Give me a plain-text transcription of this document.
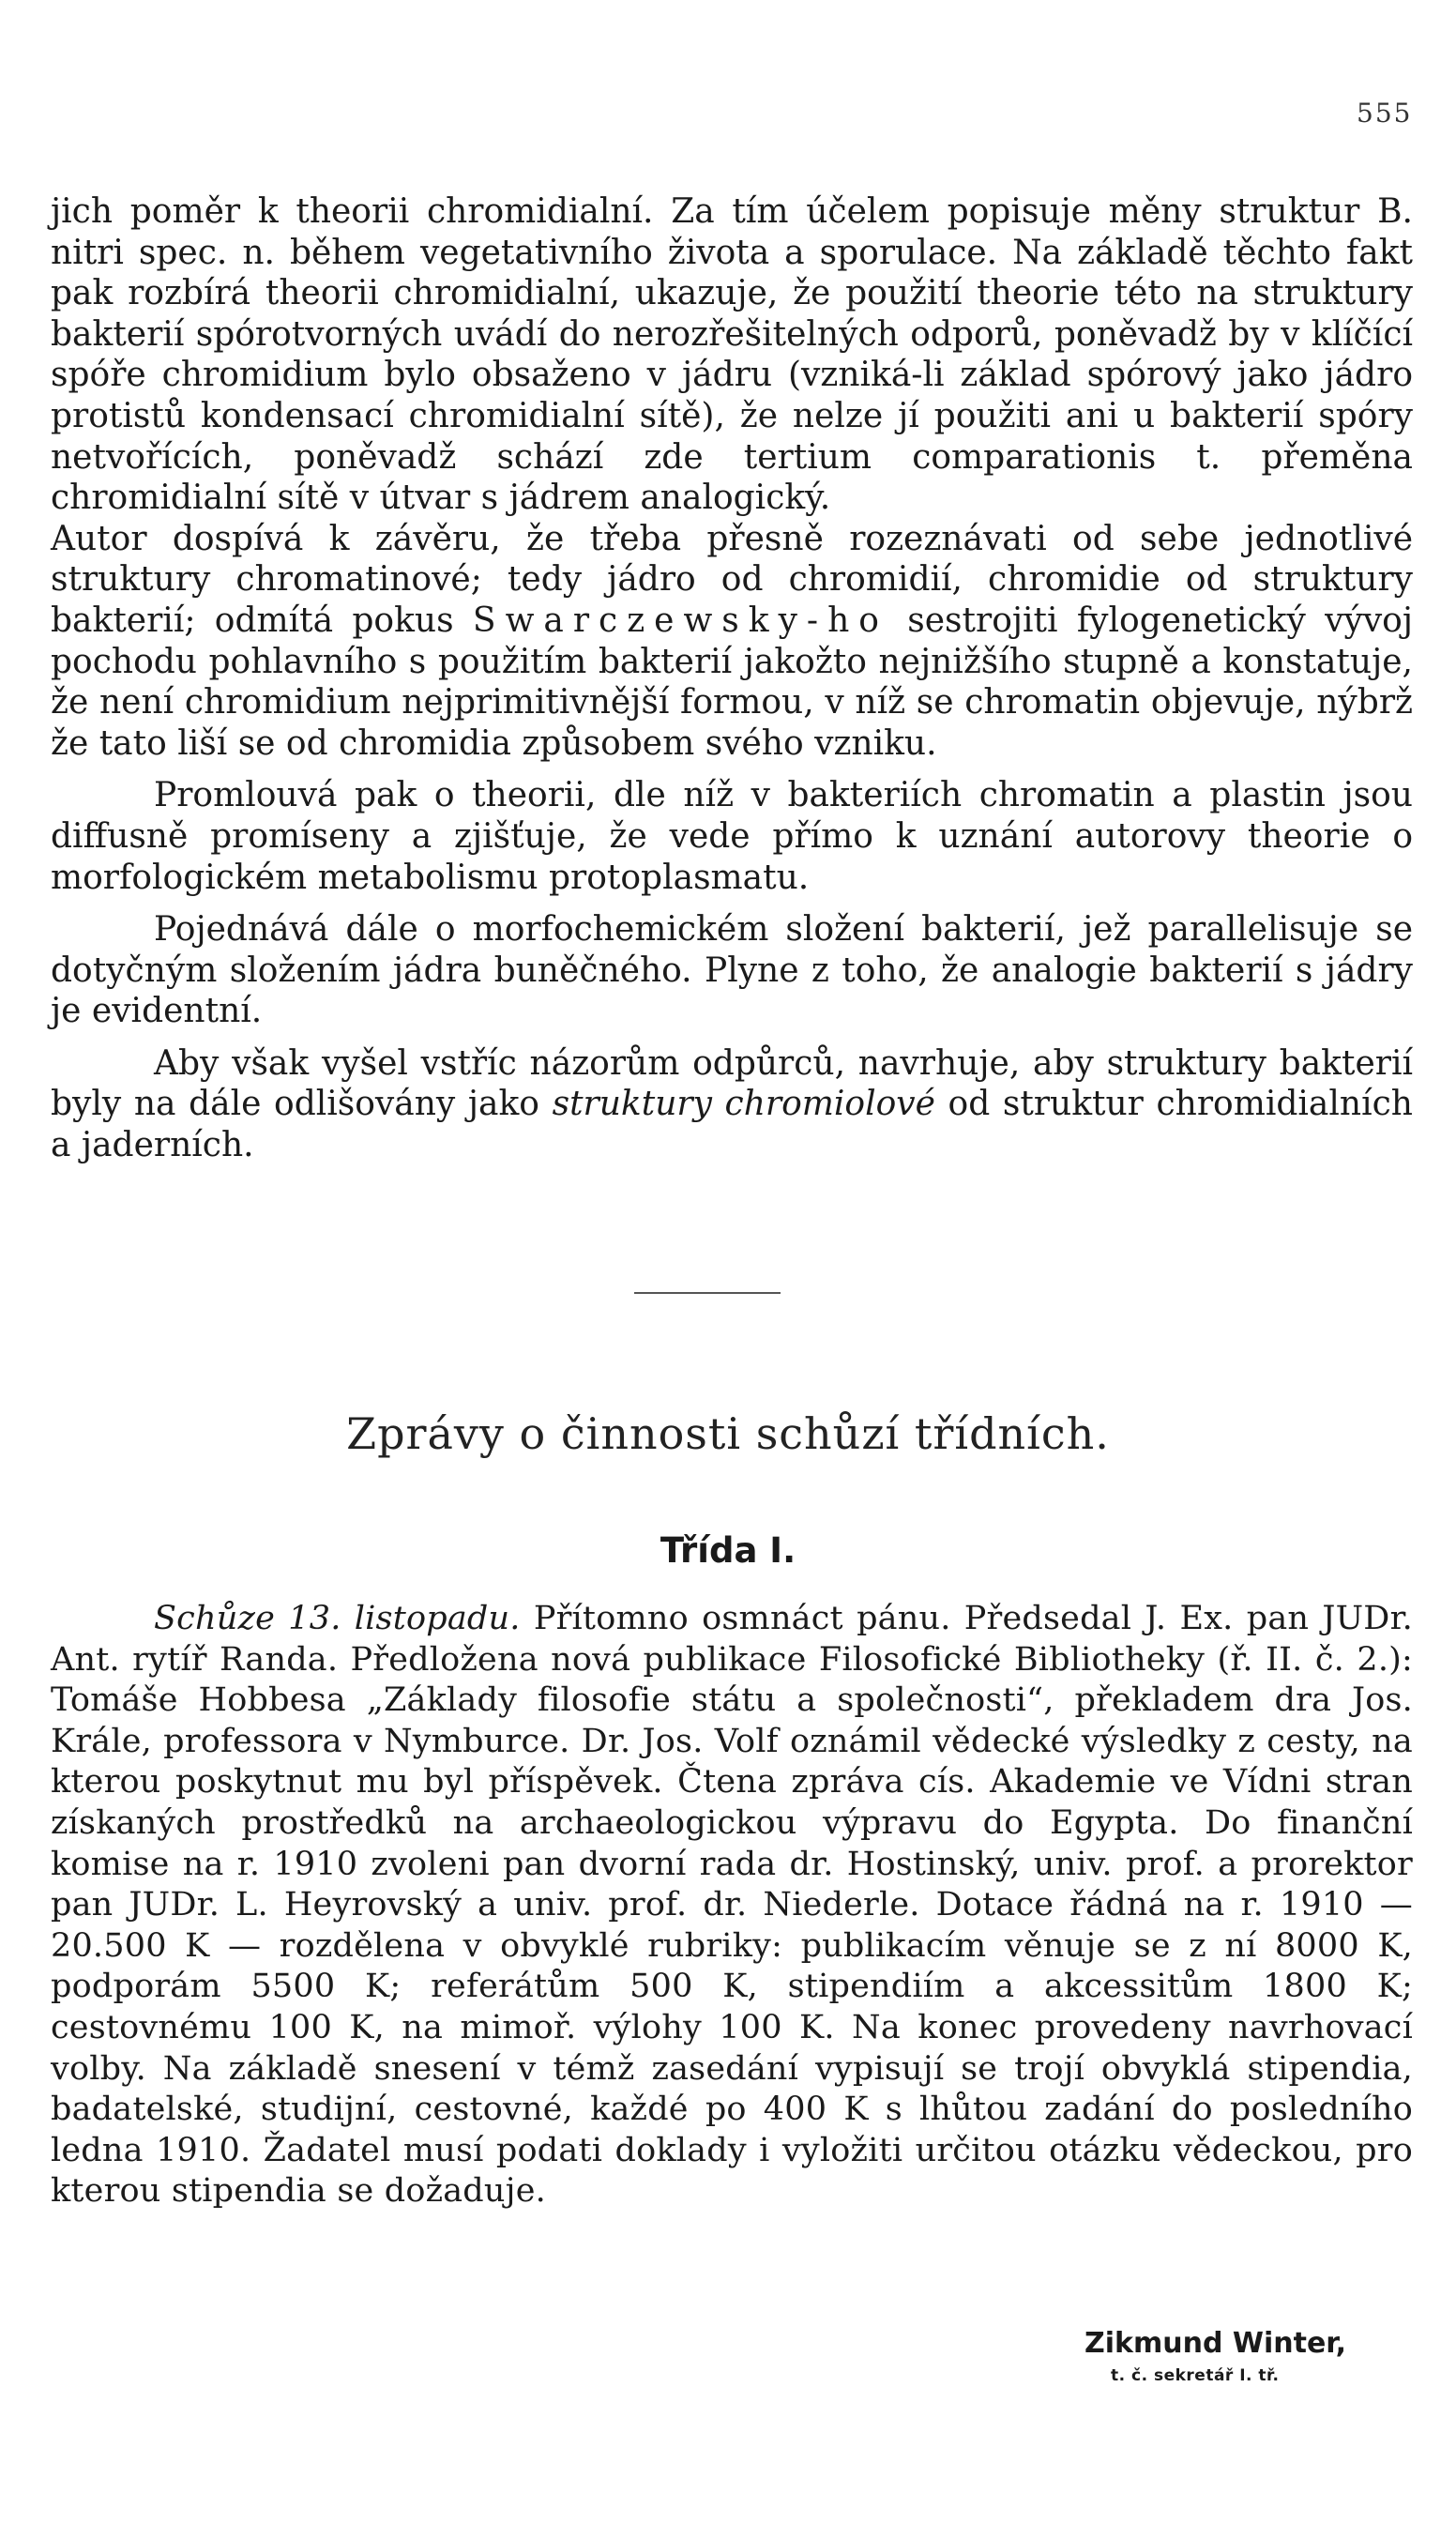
555

jich poměr k theorii chromidialní. Za tím účelem popisuje měny struktur B. nitri spec. n. během vegetativního života a sporulace. Na základě těchto fakt pak rozbírá theorii chromidialní, ukazuje, že použití theorie této na struktury bakterií spórotvorných uvádí do nerozřešitelných odporů, poněvadž by v klíčící spóře chromidium bylo obsaženo v jádru (vzniká-li základ spórový jako jádro protistů kondensací chromidialní sítě), že nelze jí použiti ani u bakterií spóry netvořících, poněvadž schází zde tertium comparationis t. přeměna chromidialní sítě v útvar s jádrem analogický.

Autor dospívá k závěru, že třeba přesně rozeznávati od sebe jednotlivé struktury chromatinové; tedy jádro od chromidií, chromidie od struktury bakterií; odmítá pokus Swarczewsky-ho sestrojiti fylogenetický vývoj pochodu pohlavního s použitím bakterií jakožto nejnižšího stupně a konstatuje, že není chromidium nejprimitivnější formou, v níž se chromatin objevuje, nýbrž že tato liší se od chromidia způsobem svého vzniku.

Promlouvá pak o theorii, dle níž v bakteriích chromatin a plastin jsou diffusně promíseny a zjišťuje, že vede přímo k uznání autorovy theorie o morfologickém metabolismu protoplasmatu.

Pojednává dále o morfochemickém složení bakterií, jež parallelisuje se dotyčným složením jádra buněčného. Plyne z toho, že analogie bakterií s jádry je evidentní.

Aby však vyšel vstříc názorům odpůrců, navrhuje, aby struktury bakterií byly na dále odlišovány jako struktury chromiolové od struktur chromidialních a jaderních.

Zprávy o činnosti schůzí třídních.
Třída I.

Schůze 13. listopadu. Přítomno osmnáct pánu. Předsedal J. Ex. pan JUDr. Ant. rytíř Randa. Předložena nová publikace Filosofické Bibliotheky (ř. II. č. 2.): Tomáše Hobbesa „Základy filosofie státu a společnosti“, překladem dra Jos. Krále, professora v Nymburce. Dr. Jos. Volf oznámil vědecké výsledky z cesty, na kterou poskytnut mu byl příspěvek. Čtena zpráva cís. Akademie ve Vídni stran získaných prostředků na archaeologickou výpravu do Egypta. Do finanční komise na r. 1910 zvoleni pan dvorní rada dr. Hostinský, univ. prof. a prorektor pan JUDr. L. Heyrovský a univ. prof. dr. Niederle. Dotace řádná na r. 1910 — 20.500 K — rozdělena v obvyklé rubriky: publikacím věnuje se z ní 8000 K, podporám 5500 K; referátům 500 K, stipendiím a akcessitům 1800 K; cestovnému 100 K, na mimoř. výlohy 100 K. Na konec provedeny navrhovací volby. Na základě snesení v témž zasedání vypisují se trojí obvyklá stipendia, badatelské, studijní, cestovné, každé po 400 K s lhůtou zadání do posledního ledna 1910. Žadatel musí podati doklady i vyložiti určitou otázku vědeckou, pro kterou stipendia se dožaduje.

Zikmund Winter,
t. č. sekretář I. tř.
